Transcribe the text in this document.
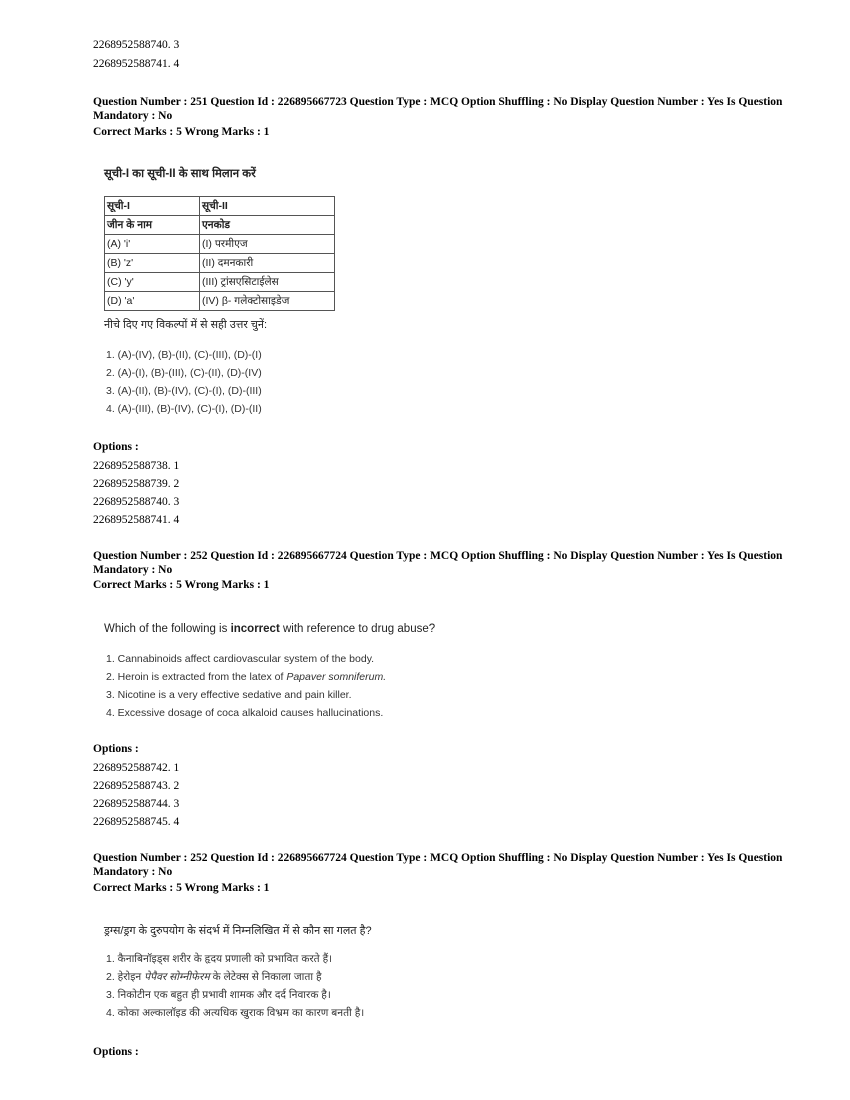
2268952588740. 3
2268952588741. 4
Question Number : 251 Question Id : 226895667723 Question Type : MCQ Option Shuffling : No Display Question Number : Yes Is Question Mandatory : No
Correct Marks : 5 Wrong Marks : 1
सूची-I का सूची-II के साथ मिलान करें
सूची-I	सूची-II
जीन के नाम	एनकोड
(A) 'i'	(I) परमीएज
(B) 'z'	(II) दमनकारी
(C) 'y'	(III) ट्रांसएसिटाईलेस
(D) 'a'	(IV) β- गलेक्टोसाइडेज
नीचे दिए गए विकल्पों में से सही उत्तर चुनें:
1. (A)-(IV), (B)-(II), (C)-(III), (D)-(I)
2. (A)-(I), (B)-(III), (C)-(II), (D)-(IV)
3. (A)-(II), (B)-(IV), (C)-(I), (D)-(III)
4. (A)-(III), (B)-(IV), (C)-(I), (D)-(II)
Options :
2268952588738. 1
2268952588739. 2
2268952588740. 3
2268952588741. 4
Question Number : 252 Question Id : 226895667724 Question Type : MCQ Option Shuffling : No Display Question Number : Yes Is Question Mandatory : No
Correct Marks : 5 Wrong Marks : 1
Which of the following is incorrect with reference to drug abuse?
1. Cannabinoids affect cardiovascular system of the body.
2. Heroin is extracted from the latex of Papaver somniferum.
3. Nicotine is a very effective sedative and pain killer.
4. Excessive dosage of coca alkaloid causes hallucinations.
Options :
2268952588742. 1
2268952588743. 2
2268952588744. 3
2268952588745. 4
Question Number : 252 Question Id : 226895667724 Question Type : MCQ Option Shuffling : No Display Question Number : Yes Is Question Mandatory : No
Correct Marks : 5 Wrong Marks : 1
ड्रग्स/ड्रग के दुरुपयोग के संदर्भ में निम्नलिखित में से कौन सा गलत है?
1. कैनाबिनॉइड्स शरीर के हृदय प्रणाली को प्रभावित करते हैं।
2. हेरोइन पेपैवर सोम्नीफेरम के लेटेक्स से निकाला जाता है
3. निकोटीन एक बहुत ही प्रभावी शामक और दर्द निवारक है।
4. कोका अल्कालॉइड की अत्यधिक खुराक विभ्रम का कारण बनती है।
Options :
